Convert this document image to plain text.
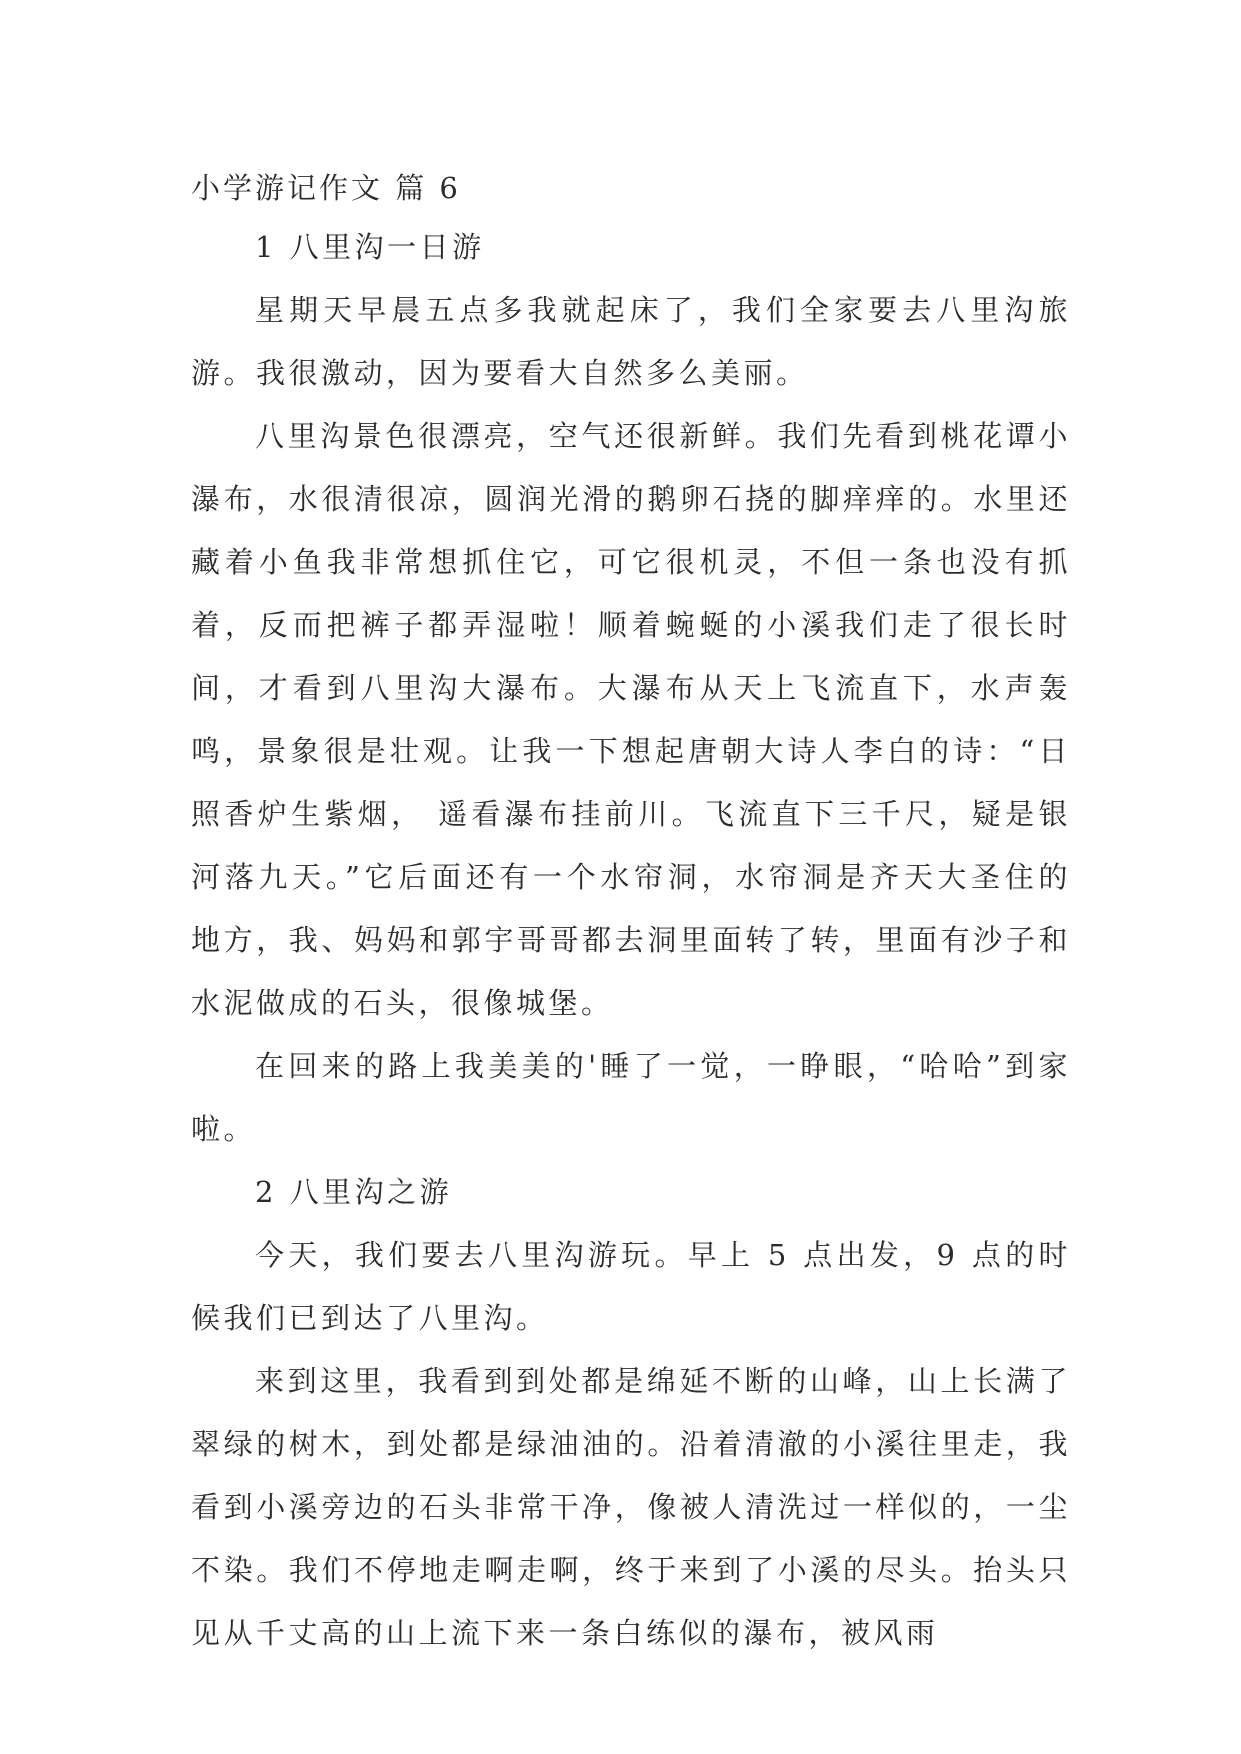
小学游记作文 篇 6

1 八里沟一日游

星期天早晨五点多我就起床了，我们全家要去八里沟旅游。我很激动，因为要看大自然多么美丽。

八里沟景色很漂亮，空气还很新鲜。我们先看到桃花谭小瀑布，水很清很凉，圆润光滑的鹅卵石挠的脚痒痒的。水里还藏着小鱼我非常想抓住它，可它很机灵，不但一条也没有抓着，反而把裤子都弄湿啦！顺着蜿蜒的小溪我们走了很长时间，才看到八里沟大瀑布。大瀑布从天上飞流直下，水声轰鸣，景象很是壮观。让我一下想起唐朝大诗人李白的诗：“日照香炉生紫烟， 遥看瀑布挂前川。飞流直下三千尺，疑是银河落九天。”它后面还有一个水帘洞，水帘洞是齐天大圣住的地方，我、妈妈和郭宇哥哥都去洞里面转了转，里面有沙子和水泥做成的石头，很像城堡。

在回来的路上我美美的'睡了一觉，一睁眼，“哈哈”到家啦。

2 八里沟之游

今天，我们要去八里沟游玩。早上 5 点出发，9 点的时候我们已到达了八里沟。

来到这里，我看到到处都是绵延不断的山峰，山上长满了翠绿的树木，到处都是绿油油的。沿着清澈的小溪往里走，我看到小溪旁边的石头非常干净，像被人清洗过一样似的，一尘不染。我们不停地走啊走啊，终于来到了小溪的尽头。抬头只见从千丈高的山上流下来一条白练似的瀑布，被风雨
